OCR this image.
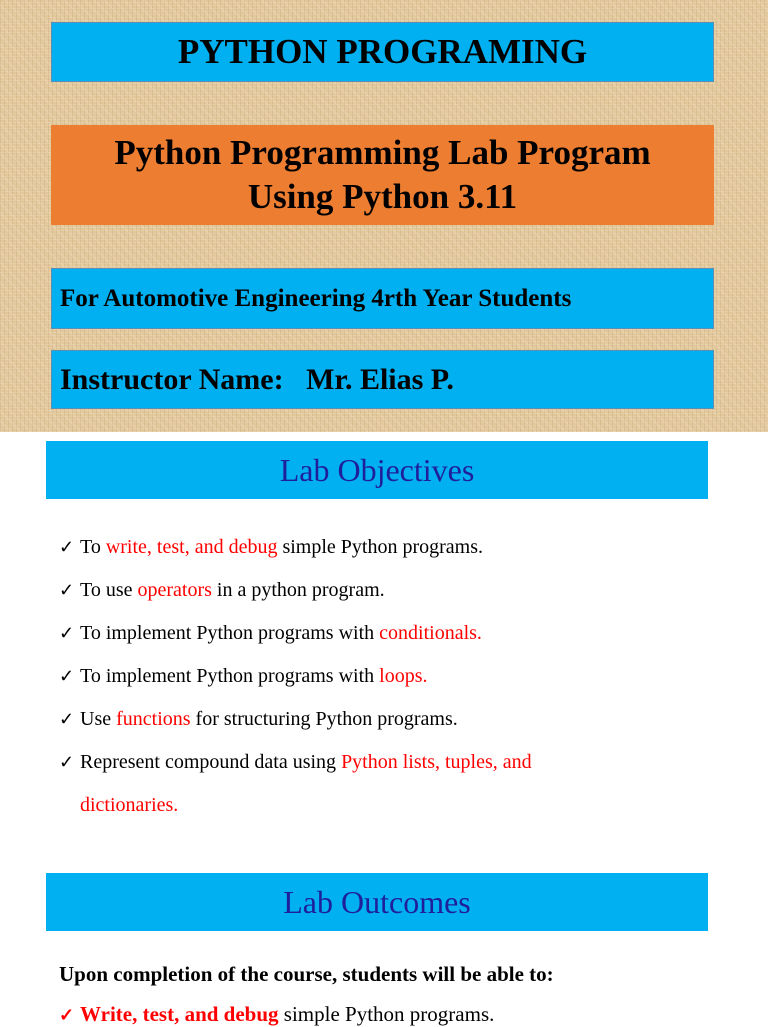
PYTHON PROGRAMING
Python Programming Lab Program
Using Python 3.11
For Automotive Engineering 4rth Year Students
Instructor Name:   Mr. Elias P.
Lab Objectives
✓ To write, test, and debug simple Python programs.
✓ To use operators in a python program.
✓ To implement Python programs with conditionals.
✓ To implement Python programs with loops.
✓ Use functions for structuring Python programs.
✓ Represent compound data using Python lists, tuples, and
dictionaries.
Lab Outcomes
Upon completion of the course, students will be able to:
✓ Write, test, and debug simple Python programs.
